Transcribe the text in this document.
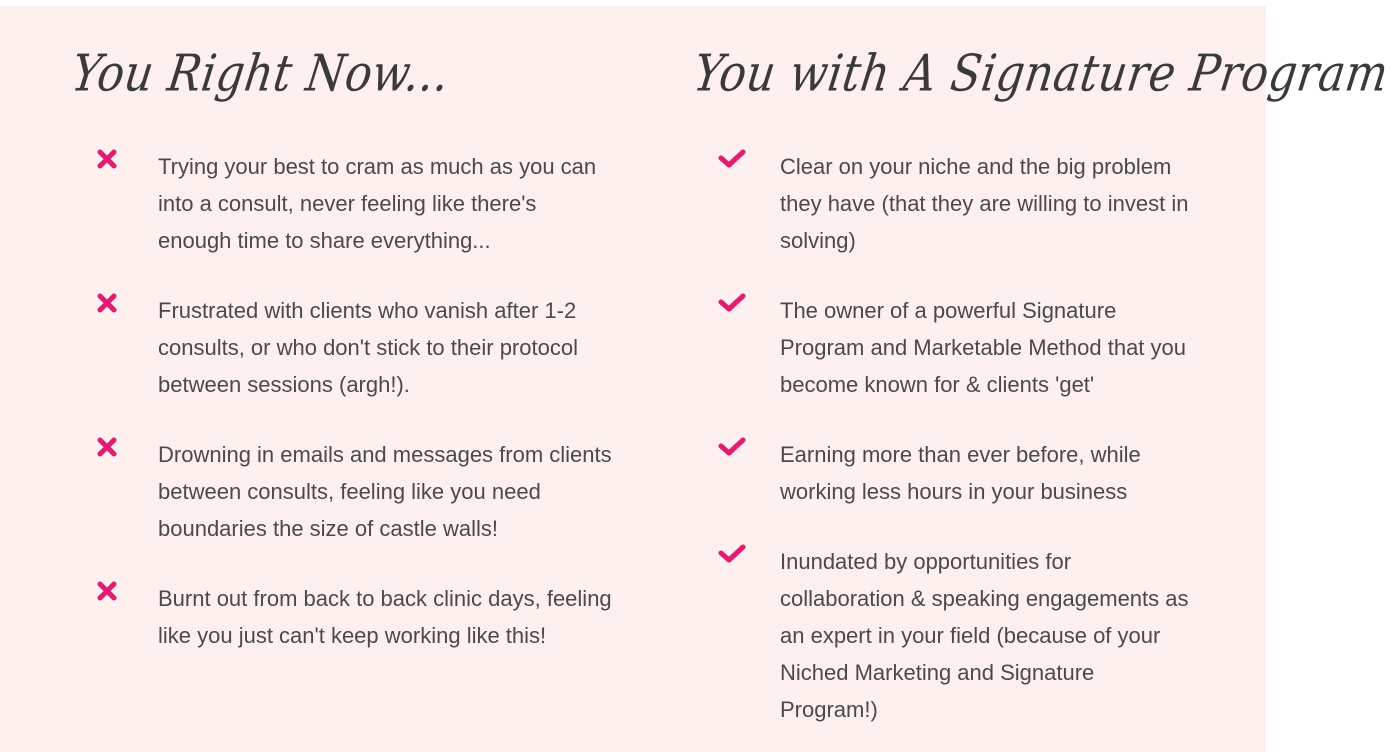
You Right Now...	You with A Signature Program
Trying your best to cram as much as you can
into a consult, never feeling like there's
enough time to share everything...
Frustrated with clients who vanish after 1-2
consults, or who don't stick to their protocol
between sessions (argh!).
Drowning in emails and messages from clients
between consults, feeling like you need
boundaries the size of castle walls!
Burnt out from back to back clinic days, feeling
like you just can't keep working like this!
Clear on your niche and the big problem
they have (that they are willing to invest in
solving)
The owner of a powerful Signature
Program and Marketable Method that you
become known for & clients 'get'
Earning more than ever before, while
working less hours in your business
Inundated by opportunities for
collaboration & speaking engagements as
an expert in your field (because of your
Niched Marketing and Signature
Program!)
